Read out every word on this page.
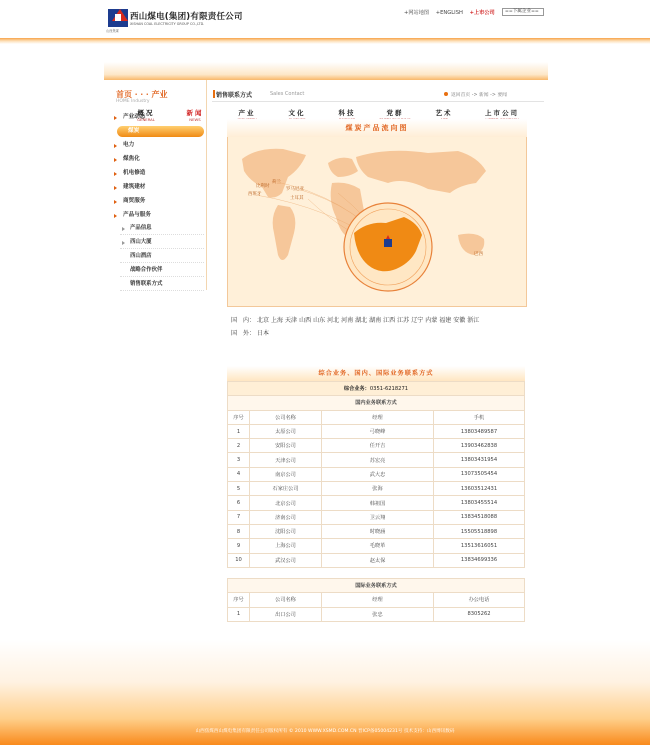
西山煤电(集团)有限责任公司
XISHAN COAL ELECTRICITY GROUP CO.,LTD.
山西焦煤
+网站地图 +ENGLISH +上市公司	==下属企业==
概况
GENERAL
新闻
NEWS
产业	文化	科技	党群	艺术	上市公司
首页 · · · 产业
HOME Industry
产业动态
煤炭
电力
煤焦化
机电修造
建筑建材
商贸服务
产品与服务
产品信息
西山大厦
西山酒店
战略合作伙伴
销售联系方式
销售联系方式	Sales Contact	返回首页 -> 新闻 -> 要闻
煤炭产品流向图
比利时
西班牙
荷兰
罗马尼亚
土耳其
巴西
国　内： 北京 上海 天津 山西 山东 河北 河南 湖北 湖南 江西 江苏 辽宁 内蒙 福建 安徽 浙江
国　外： 日本
综合业务、国内、国际业务联系方式
综合业务：0351-6218271			
国内业务联系方式			
序号	公司名称	经理	手机
1	太原公司	弓晓峰	13803489587
2	安阳公司	任开吉	13903462838
3	天津公司	苏宏亮	13803431954
4	南京公司	武大忠	13073505454
5	石家庄公司	张海	13603512431
6	北京公司	韩祖国	13803455514
7	济南公司	卫云翔	13834518088
8	沈阳公司	时晓涵	15505518898
9	上海公司	毛晓革	13513616051
10	武汉公司	赵太保	13834699336
国际业务联系方式			
序号	公司名称	经理	办公电话
1	出口公司	张忠	8305262
山西焦煤西山煤电集团有限责任公司版权所有 © 2010 WWW.XSMD.COM.CN 晋ICP备05004231号 技术支持：山西博讯数码
